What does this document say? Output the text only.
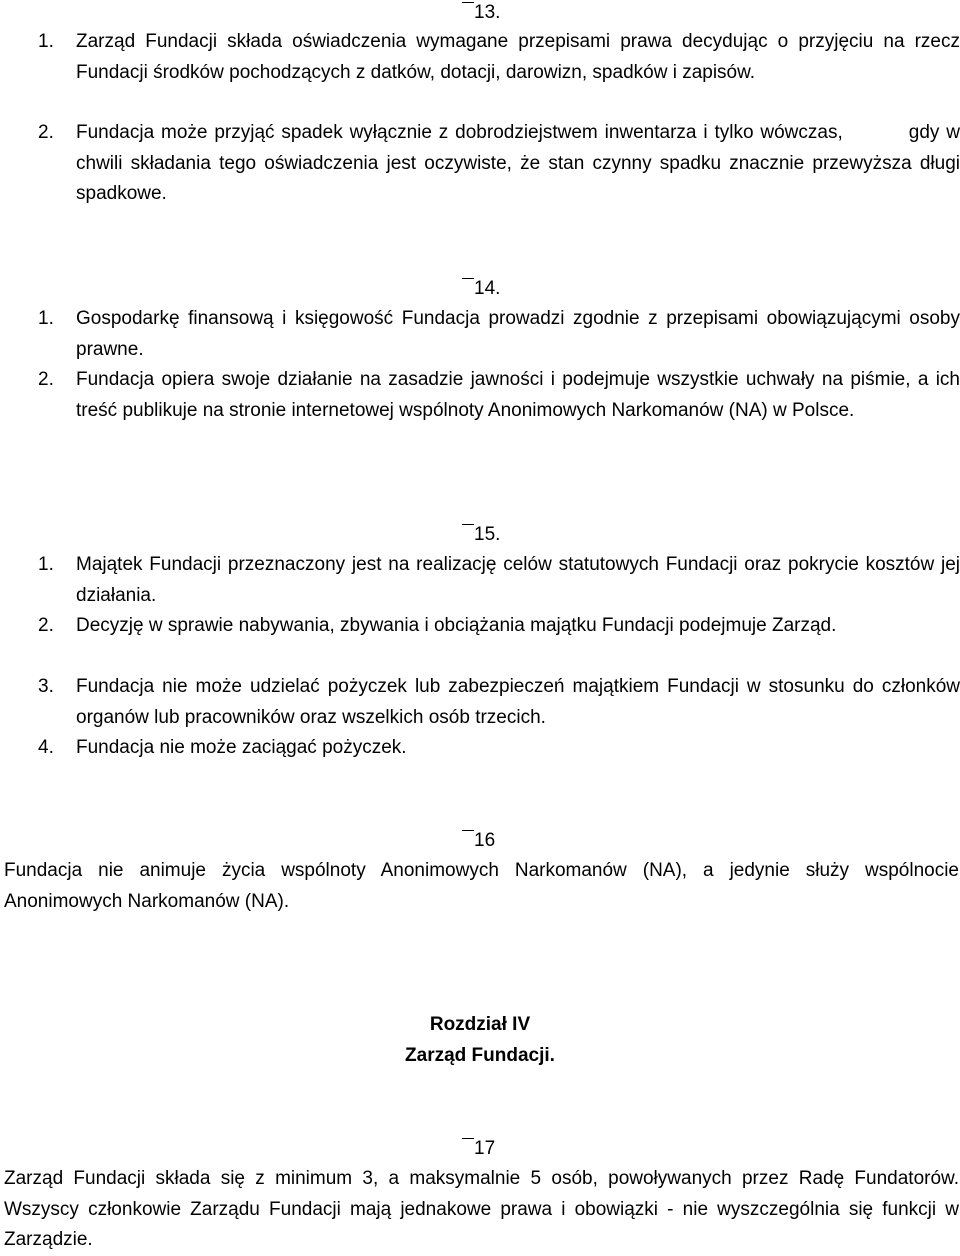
13.
1. Zarząd Fundacji składa oświadczenia wymagane przepisami prawa decydując o przyjęciu na rzecz Fundacji środków pochodzących z datków, dotacji, darowizn, spadków i zapisów.
2. Fundacja może przyjąć spadek wyłącznie z dobrodziejstwem inwentarza i tylko wówczas,	gdy w chwili składania tego oświadczenia jest oczywiste, że stan czynny spadku znacznie przewyższa długi spadkowe.
14.
1. Gospodarkę finansową i księgowość Fundacja prowadzi zgodnie z przepisami obowiązującymi osoby prawne.
2. Fundacja opiera swoje działanie na zasadzie jawności i podejmuje wszystkie uchwały na piśmie, a ich treść publikuje na stronie internetowej wspólnoty Anonimowych Narkomanów (NA) w Polsce.
15.
1. Majątek Fundacji przeznaczony jest na realizację celów statutowych Fundacji oraz pokrycie kosztów jej działania.
2. Decyzję w sprawie nabywania, zbywania i obciążania majątku Fundacji podejmuje Zarząd.
3. Fundacja nie może udzielać pożyczek lub zabezpieczeń majątkiem Fundacji w stosunku do członków organów lub pracowników oraz wszelkich osób trzecich.
4. Fundacja nie może zaciągać pożyczek.
16
Fundacja nie animuje życia wspólnoty Anonimowych Narkomanów (NA), a jedynie służy wspólnocie Anonimowych Narkomanów (NA).
Rozdział IV
Zarząd Fundacji.
17
Zarząd Fundacji składa się z minimum 3, a maksymalnie 5 osób, powoływanych przez Radę Fundatorów. Wszyscy członkowie Zarządu Fundacji mają jednakowe prawa i obowiązki - nie wyszczególnia się funkcji w Zarządzie.
